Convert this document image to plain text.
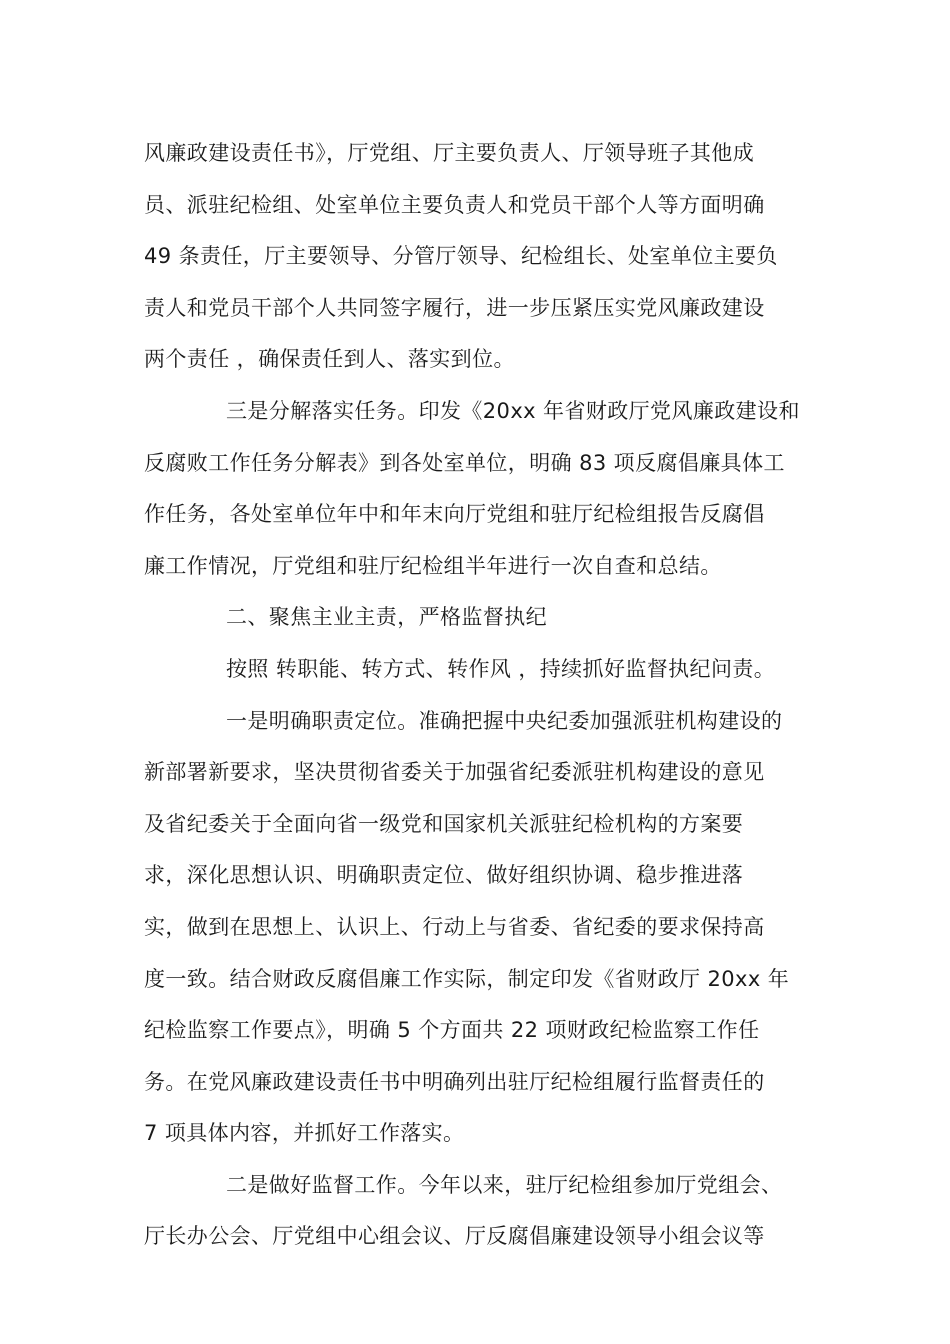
风廉政建设责任书》，厅党组、厅主要负责人、厅领导班子其他成
员、派驻纪检组、处室单位主要负责人和党员干部个人等方面明确
49 条责任，厅主要领导、分管厅领导、纪检组长、处室单位主要负
责人和党员干部个人共同签字履行，进一步压紧压实党风廉政建设
两个责任 ，确保责任到人、落实到位。
三是分解落实任务。印发《20xx 年省财政厅党风廉政建设和
反腐败工作任务分解表》到各处室单位，明确 83 项反腐倡廉具体工
作任务，各处室单位年中和年末向厅党组和驻厅纪检组报告反腐倡
廉工作情况，厅党组和驻厅纪检组半年进行一次自查和总结。
二、聚焦主业主责，严格监督执纪
按照 转职能、转方式、转作风 ，持续抓好监督执纪问责。
一是明确职责定位。准确把握中央纪委加强派驻机构建设的
新部署新要求，坚决贯彻省委关于加强省纪委派驻机构建设的意见
及省纪委关于全面向省一级党和国家机关派驻纪检机构的方案要
求，深化思想认识、明确职责定位、做好组织协调、稳步推进落
实，做到在思想上、认识上、行动上与省委、省纪委的要求保持高
度一致。结合财政反腐倡廉工作实际，制定印发《省财政厅 20xx 年
纪检监察工作要点》，明确 5 个方面共 22 项财政纪检监察工作任
务。在党风廉政建设责任书中明确列出驻厅纪检组履行监督责任的
7 项具体内容，并抓好工作落实。
二是做好监督工作。今年以来，驻厅纪检组参加厅党组会、
厅长办公会、厅党组中心组会议、厅反腐倡廉建设领导小组会议等
